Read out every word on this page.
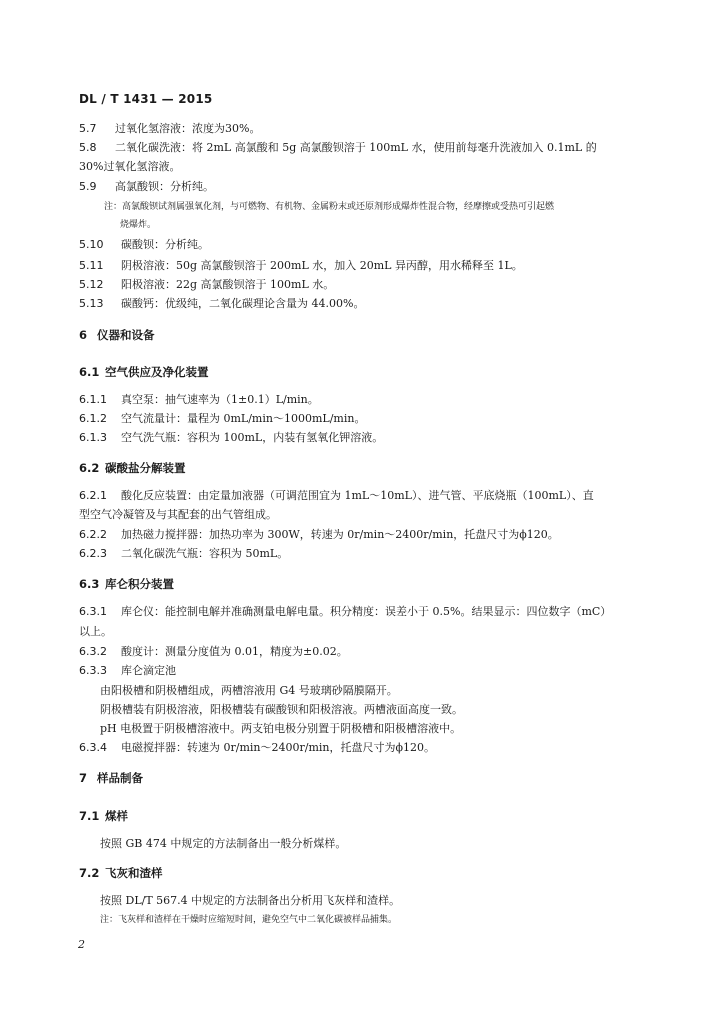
DL / T 1431 — 2015
5.7 过氧化氢溶液：浓度为30%。
5.8 二氧化碳洗液：将 2mL 高氯酸和 5g 高氯酸钡溶于 100mL 水，使用前每毫升洗液加入 0.1mL 的
30%过氧化氢溶液。
5.9 高氯酸钡：分析纯。
注：高氯酸钡试剂属强氧化剂，与可燃物、有机物、金属粉末或还原剂形成爆炸性混合物，经摩擦或受热可引起燃
烧爆炸。
5.10 碳酸钡：分析纯。
5.11 阴极溶液：50g 高氯酸钡溶于 200mL 水，加入 20mL 异丙醇，用水稀释至 1L。
5.12 阳极溶液：22g 高氯酸钡溶于 100mL 水。
5.13 碳酸钙：优级纯，二氧化碳理论含量为 44.00%。
6 仪器和设备
6.1 空气供应及净化装置
6.1.1 真空泵：抽气速率为（1±0.1）L/min。
6.1.2 空气流量计：量程为 0mL/min～1000mL/min。
6.1.3 空气洗气瓶：容积为 100mL，内装有氢氧化钾溶液。
6.2 碳酸盐分解装置
6.2.1 酸化反应装置：由定量加液器（可调范围宜为 1mL～10mL）、进气管、平底烧瓶（100mL）、直
型空气冷凝管及与其配套的出气管组成。
6.2.2 加热磁力搅拌器：加热功率为 300W，转速为 0r/min～2400r/min，托盘尺寸为ϕ120。
6.2.3 二氧化碳洗气瓶：容积为 50mL。
6.3 库仑积分装置
6.3.1 库仑仪：能控制电解并准确测量电解电量。积分精度：误差小于 0.5%。结果显示：四位数字（mC）
以上。
6.3.2 酸度计：测量分度值为 0.01，精度为±0.02。
6.3.3 库仑滴定池
由阳极槽和阴极槽组成，两槽溶液用 G4 号玻璃砂隔膜隔开。
阴极槽装有阴极溶液，阳极槽装有碳酸钡和阳极溶液。两槽液面高度一致。
pH 电极置于阴极槽溶液中。两支铂电极分别置于阴极槽和阳极槽溶液中。
6.3.4 电磁搅拌器：转速为 0r/min～2400r/min，托盘尺寸为ϕ120。
7 样品制备
7.1 煤样
按照 GB 474 中规定的方法制备出一般分析煤样。
7.2 飞灰和渣样
按照 DL/T 567.4 中规定的方法制备出分析用飞灰样和渣样。
注：飞灰样和渣样在干燥时应缩短时间，避免空气中二氧化碳被样品捕集。
2
